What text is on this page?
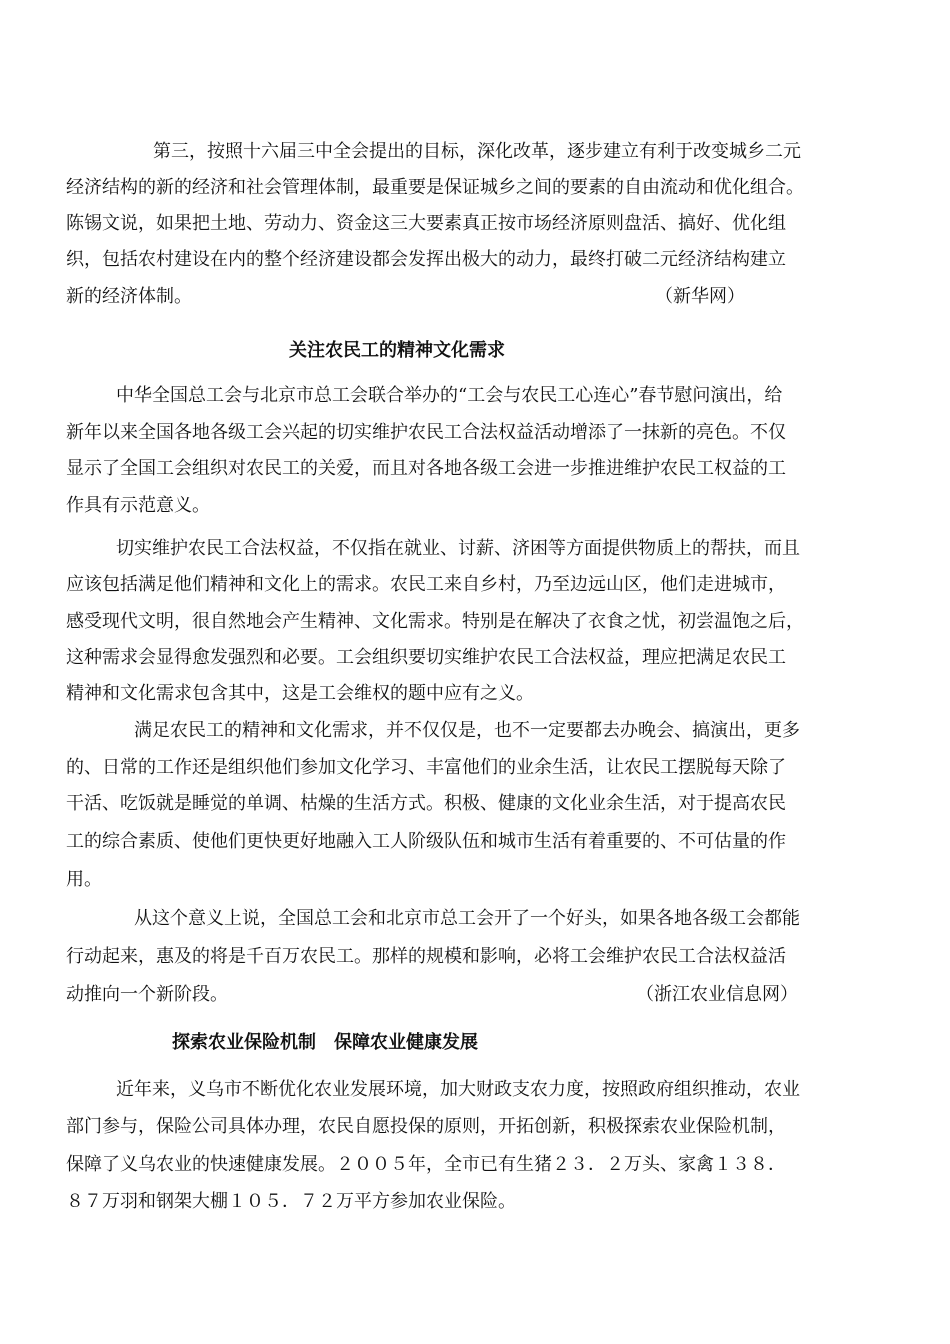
第三，按照十六届三中全会提出的目标，深化改革，逐步建立有利于改变城乡二元
经济结构的新的经济和社会管理体制，最重要是保证城乡之间的要素的自由流动和优化组合。
陈锡文说，如果把土地、劳动力、资金这三大要素真正按市场经济原则盘活、搞好、优化组
织，包括农村建设在内的整个经济建设都会发挥出极大的动力，最终打破二元经济结构建立
新的经济体制。	（新华网）
关注农民工的精神文化需求
中华全国总工会与北京市总工会联合举办的“工会与农民工心连心”春节慰问演出，给
新年以来全国各地各级工会兴起的切实维护农民工合法权益活动增添了一抹新的亮色。不仅
显示了全国工会组织对农民工的关爱，而且对各地各级工会进一步推进维护农民工权益的工
作具有示范意义。
切实维护农民工合法权益，不仅指在就业、讨薪、济困等方面提供物质上的帮扶，而且
应该包括满足他们精神和文化上的需求。农民工来自乡村，乃至边远山区，他们走进城市，
感受现代文明，很自然地会产生精神、文化需求。特别是在解决了衣食之忧，初尝温饱之后，
这种需求会显得愈发强烈和必要。工会组织要切实维护农民工合法权益，理应把满足农民工
精神和文化需求包含其中，这是工会维权的题中应有之义。
满足农民工的精神和文化需求，并不仅仅是，也不一定要都去办晚会、搞演出，更多
的、日常的工作还是组织他们参加文化学习、丰富他们的业余生活，让农民工摆脱每天除了
干活、吃饭就是睡觉的单调、枯燥的生活方式。积极、健康的文化业余生活，对于提高农民
工的综合素质、使他们更快更好地融入工人阶级队伍和城市生活有着重要的、不可估量的作
用。
从这个意义上说，全国总工会和北京市总工会开了一个好头，如果各地各级工会都能
行动起来，惠及的将是千百万农民工。那样的规模和影响，必将工会维护农民工合法权益活
动推向一个新阶段。	（浙江农业信息网）
探索农业保险机制　保障农业健康发展
近年来，义乌市不断优化农业发展环境，加大财政支农力度，按照政府组织推动，农业
部门参与，保险公司具体办理，农民自愿投保的原则，开拓创新，积极探索农业保险机制，
保障了义乌农业的快速健康发展。２００５年，全市已有生猪２３．２万头、家禽１３８．
８７万羽和钢架大棚１０５．７２万平方参加农业保险。
